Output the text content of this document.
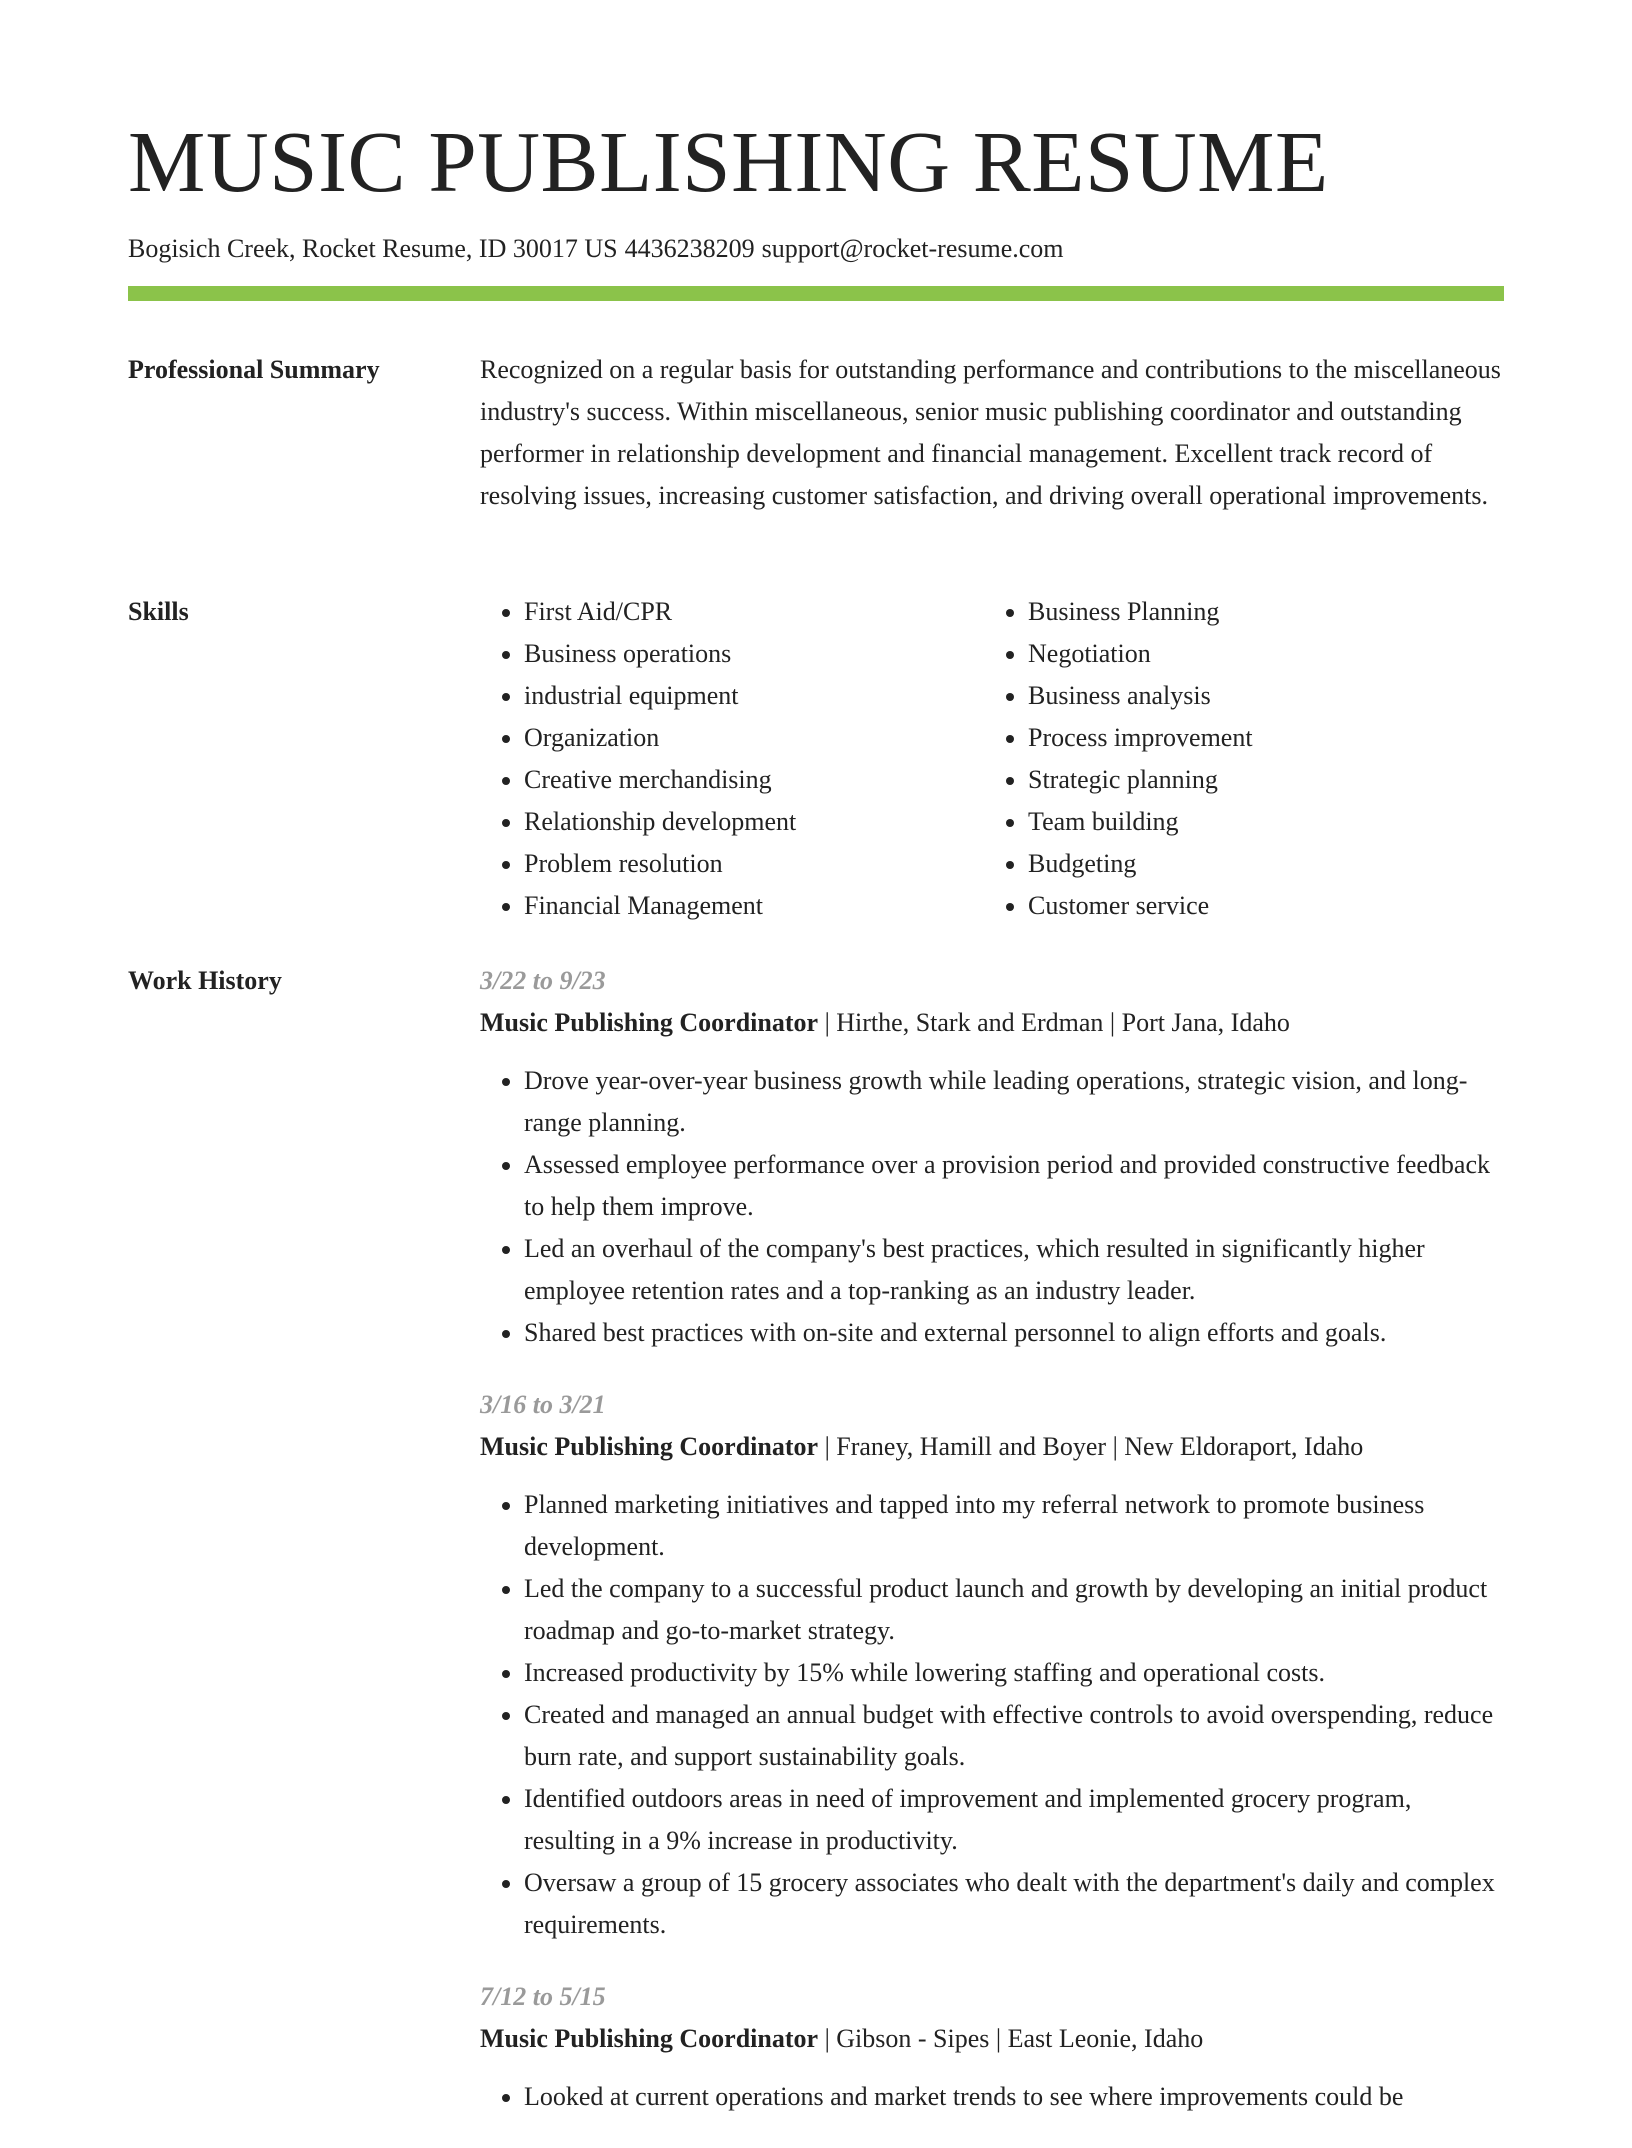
MUSIC PUBLISHING RESUME
Bogisich Creek, Rocket Resume, ID 30017 US 4436238209 support@rocket-resume.com
Professional Summary	Recognized on a regular basis for outstanding performance and contributions to the miscellaneous industry's success. Within miscellaneous, senior music publishing coordinator and outstanding performer in relationship development and financial management. Excellent track record of resolving issues, increasing customer satisfaction, and driving overall operational improvements.

Skills
•	First Aid/CPR
• Business operations
• industrial equipment
• Organization
• Creative merchandising
• Relationship development
• Problem resolution
• Financial Management
• Business Planning
• Negotiation
• Business analysis
• Process improvement
• Strategic planning
• Team building
• Budgeting
• Customer service
Work History	3/22 to 9/23
Music Publishing Coordinator | Hirthe, Stark and Erdman | Port Jana, Idaho
• Drove year-over-year business growth while leading operations, strategic vision, and long-range planning.
• Assessed employee performance over a provision period and provided constructive feedback to help them improve.
• Led an overhaul of the company's best practices, which resulted in significantly higher employee retention rates and a top-ranking as an industry leader.
• Shared best practices with on-site and external personnel to align efforts and goals.
3/16 to 3/21
Music Publishing Coordinator | Franey, Hamill and Boyer | New Eldoraport, Idaho
• Planned marketing initiatives and tapped into my referral network to promote business development.
• Led the company to a successful product launch and growth by developing an initial product roadmap and go-to-market strategy.
• Increased productivity by 15% while lowering staffing and operational costs.
• Created and managed an annual budget with effective controls to avoid overspending, reduce burn rate, and support sustainability goals.
• Identified outdoors areas in need of improvement and implemented grocery program, resulting in a 9% increase in productivity.
• Oversaw a group of 15 grocery associates who dealt with the department's daily and complex requirements.
7/12 to 5/15
Music Publishing Coordinator | Gibson - Sipes | East Leonie, Idaho
• Looked at current operations and market trends to see where improvements could be
